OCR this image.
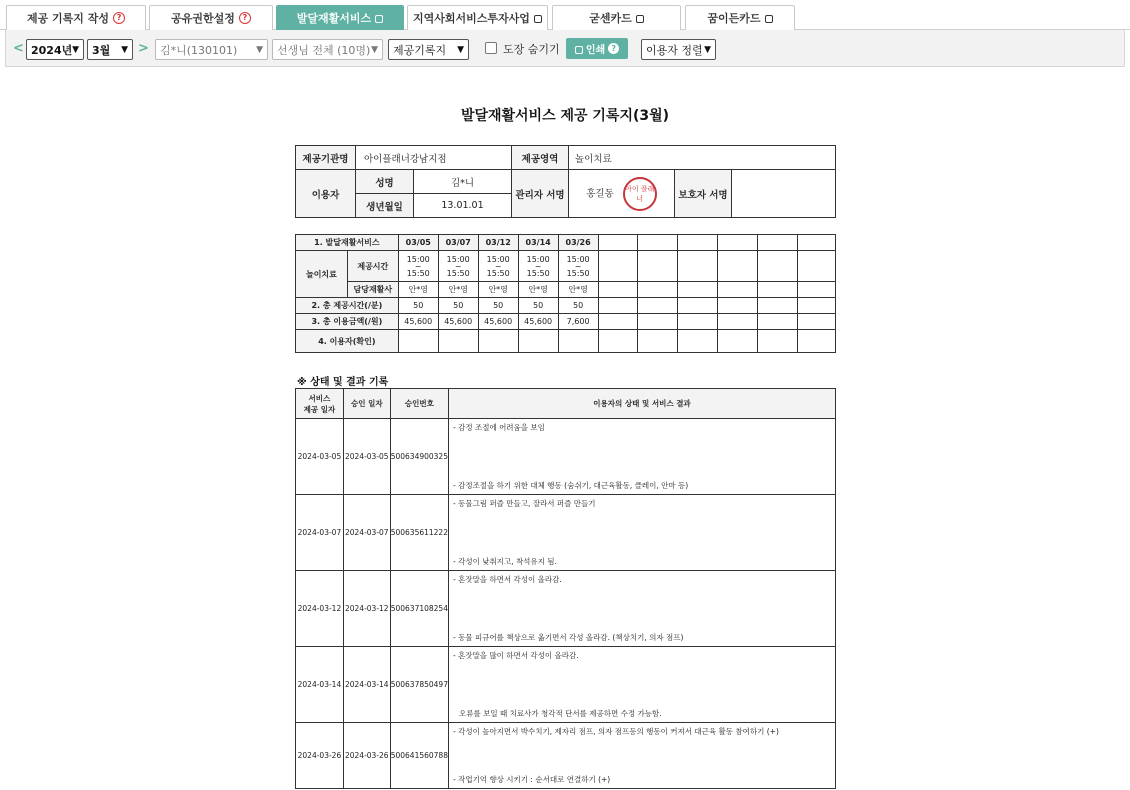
제공 기록지 작성 ?	공유권한설정 ?	발달재활서비스	지역사회서비스투자사업	굳센카드	꿈이든카드
< 2024년 ▼ 3월 ▼ > 김*니(130101) ▼ 선생님 전체 (10명) ▼ 제공기록지 ▼	도장 숨기기	인쇄 ?	이용자 정렬 ▼
발달재활서비스 제공 기록지(3월)
제공기관명	아이플래너강남지점		제공영역	놀이치료		
이용자	성명	김*니	관리자 서명	홍길동 아이 플래 너	보호자 서명	
	생년월일	13.01.01				
1. 발달재활서비스		03/05	03/07	03/12	03/14	03/26						
놀이치료	제공시간	15:00
~
15:50	15:00
~
15:50	15:00
~
15:50	15:00
~
15:50	15:00
~
15:50						
	담당재활사	안*영	안*영	안*영	안*영	안*영						
2. 총 제공시간(/분)		50	50	50	50	50						
3. 총 이용금액(/원)		45,600	45,600	45,600	45,600	7,600						
4. 이용자(확인)												
※ 상태 및 결과 기록
서비스
제공 일자	승인 일자	승인번호	이용자의 상태 및 서비스 결과
2024-03-05	2024-03-05	500634900325	- 감정 조절에 어려움을 보임
- 감정조절을 하기 위한 대체 행동 (숨쉬기, 대근육활동, 클레이, 안마 등)

2024-03-07	2024-03-07	500635611222	- 동물그림 퍼즐 만들고, 잘라서 퍼즐 만들기
- 각성이 낮춰지고, 착석유지 됨.

2024-03-12	2024-03-12	500637108254	- 혼잣말을 하면서 각성이 올라감.
- 동물 피규어를 책상으로 옮기면서 각성 올라감. (책상치기, 의자 점프)

2024-03-14	2024-03-14	500637850497	- 혼잣말을 많이 하면서 각성이 올라감.
오류를 보일 때 치료사가 청각적 단서를 제공하면 수정 가능함.

2024-03-26	2024-03-26	500641560788	- 각성이 높아지면서 박수치기, 제자리 점프, 의자 점프등의 행동이 커져서 대근육 활동 참여하기 (+)
- 작업기억 향상 시키기 : 순서대로 연결하기 (+)
